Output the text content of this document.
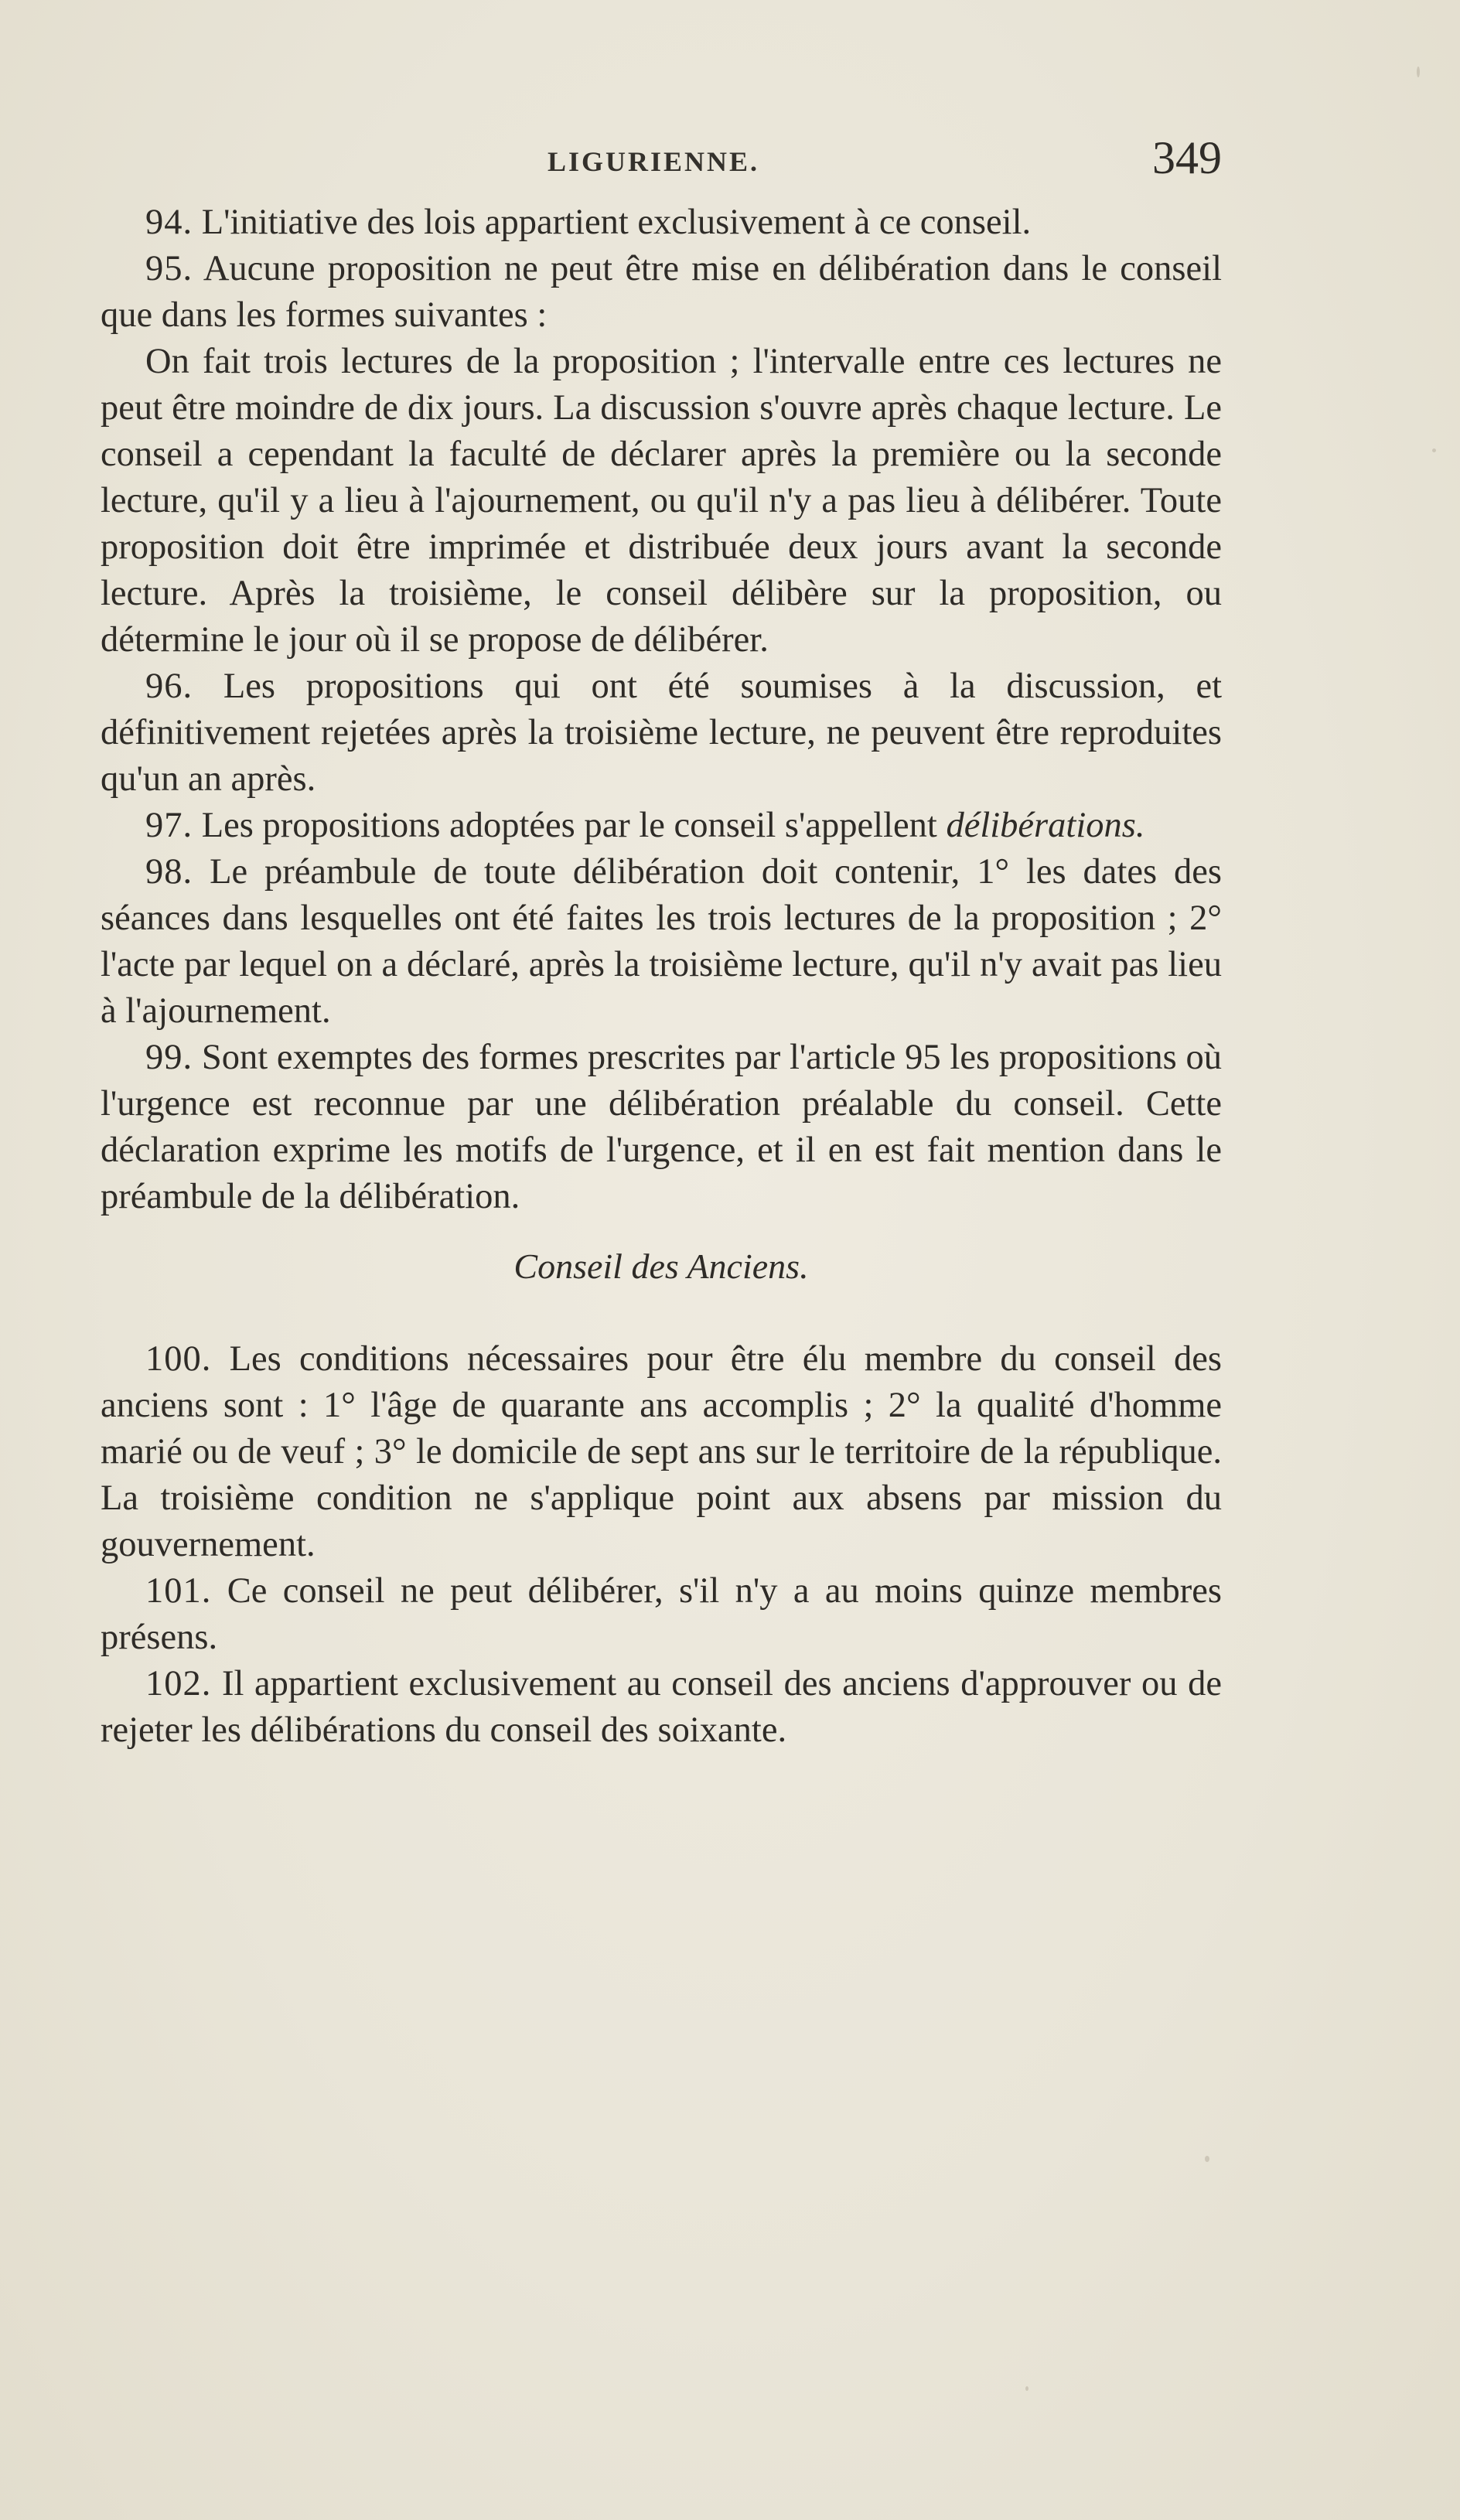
LIGURIENNE.	349

94. L'initiative des lois appartient exclusivement à ce conseil.

95. Aucune proposition ne peut être mise en délibération dans le conseil que dans les formes suivantes :

On fait trois lectures de la proposition ; l'intervalle entre ces lectures ne peut être moindre de dix jours. La discussion s'ouvre après chaque lecture. Le conseil a cependant la faculté de déclarer après la première ou la seconde lecture, qu'il y a lieu à l'ajournement, ou qu'il n'y a pas lieu à délibérer. Toute proposition doit être imprimée et distribuée deux jours avant la seconde lecture. Après la troisième, le conseil délibère sur la proposition, ou détermine le jour où il se propose de délibérer.

96. Les propositions qui ont été soumises à la discussion, et définitivement rejetées après la troisième lecture, ne peuvent être reproduites qu'un an après.

97. Les propositions adoptées par le conseil s'appellent délibérations.

98. Le préambule de toute délibération doit contenir, 1° les dates des séances dans lesquelles ont été faites les trois lectures de la proposition ; 2° l'acte par lequel on a déclaré, après la troisième lecture, qu'il n'y avait pas lieu à l'ajournement.

99. Sont exemptes des formes prescrites par l'article 95 les propositions où l'urgence est reconnue par une délibération préalable du conseil. Cette déclaration exprime les motifs de l'urgence, et il en est fait mention dans le préambule de la délibération.

Conseil des Anciens.

100. Les conditions nécessaires pour être élu membre du conseil des anciens sont : 1° l'âge de quarante ans accomplis ; 2° la qualité d'homme marié ou de veuf ; 3° le domicile de sept ans sur le territoire de la république. La troisième condition ne s'applique point aux absens par mission du gouvernement.

101. Ce conseil ne peut délibérer, s'il n'y a au moins quinze membres présens.

102. Il appartient exclusivement au conseil des anciens d'approuver ou de rejeter les délibérations du conseil des soixante.
